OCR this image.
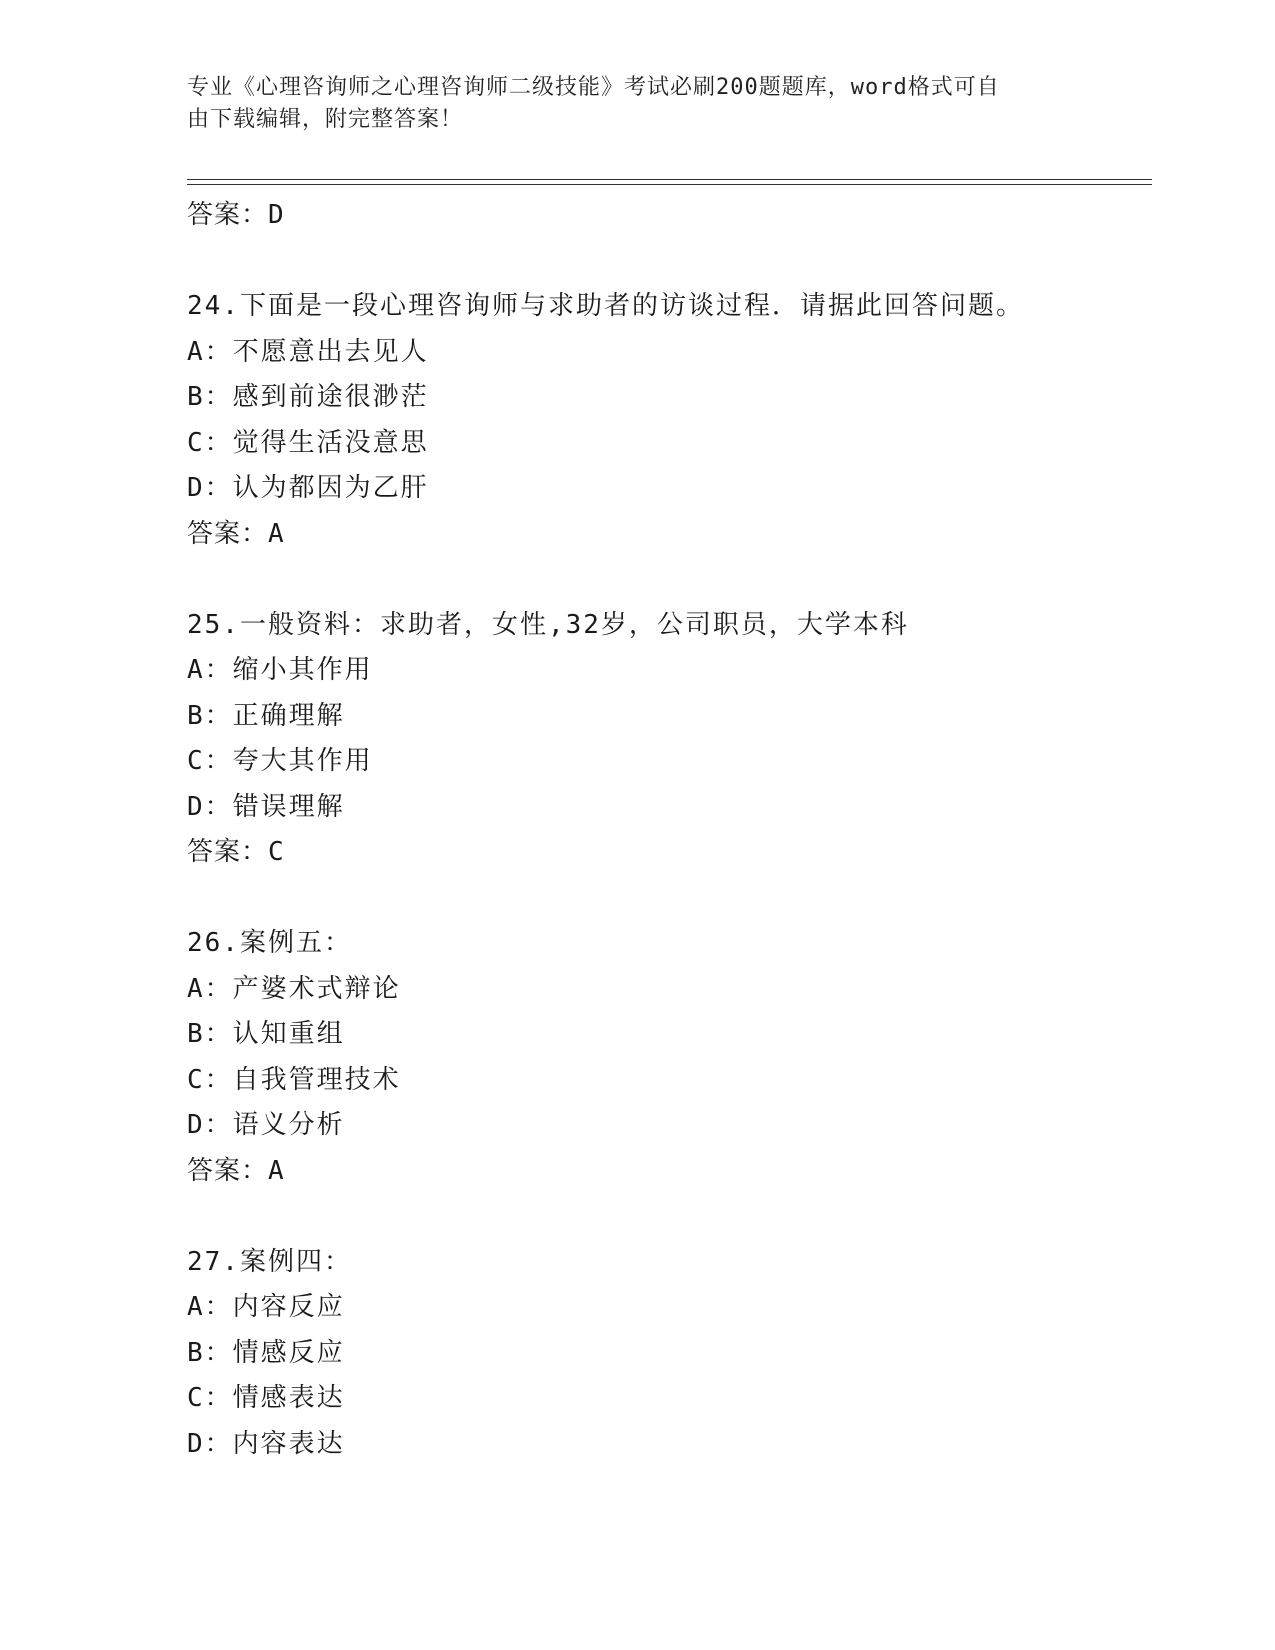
专业《心理咨询师之心理咨询师二级技能》考试必刷200题题库，word格式可自
由下载编辑，附完整答案！
答案：D
24.下面是一段心理咨询师与求助者的访谈过程．请据此回答问题。
A：不愿意出去见人
B：感到前途很渺茫
C：觉得生活没意思
D：认为都因为乙肝
答案：A
25.一般资料：求助者，女性,32岁，公司职员，大学本科
A：缩小其作用
B：正确理解
C：夸大其作用
D：错误理解
答案：C
26.案例五：
A：产婆术式辩论
B：认知重组
C：自我管理技术
D：语义分析
答案：A
27.案例四：
A：内容反应
B：情感反应
C：情感表达
D：内容表达
